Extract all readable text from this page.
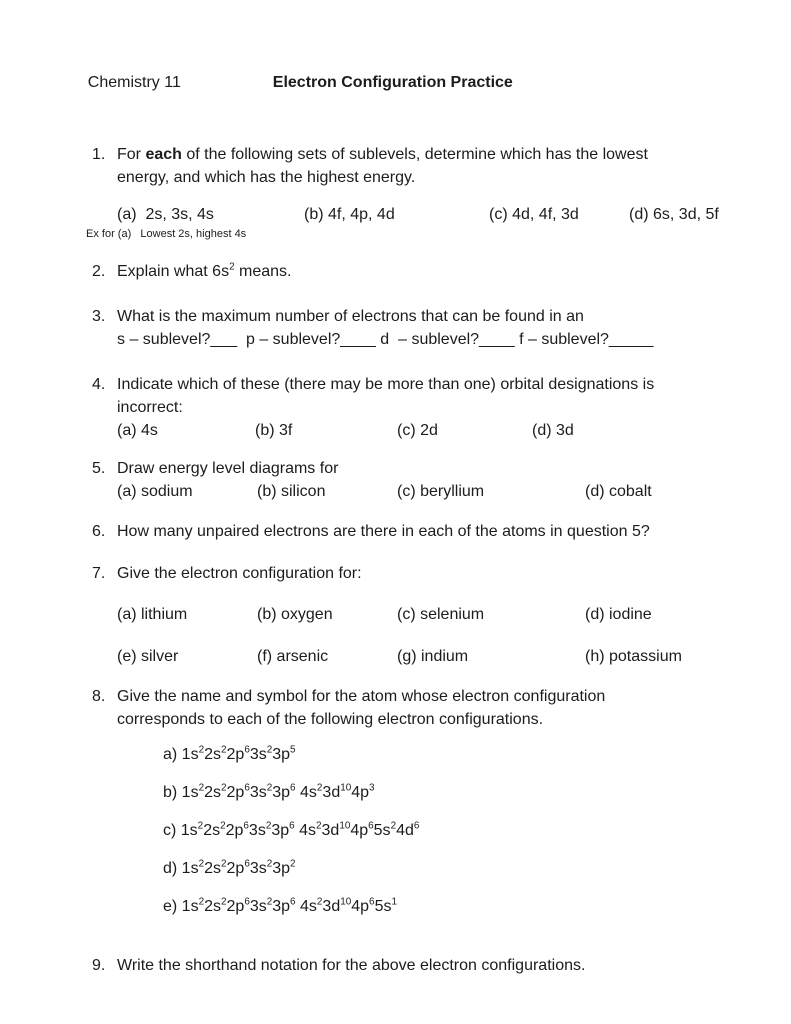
Chemistry 11	Electron Configuration Practice

1. For each of the following sets of sublevels, determine which has the lowest
energy, and which has the highest energy.
(a)  2s, 3s, 4s	(b) 4f, 4p, 4d	(c) 4d, 4f, 3d	(d) 6s, 3d, 5f
Ex for (a)   Lowest 2s, highest 4s
2. Explain what $6s^2$ means.
3. What is the maximum number of electrons that can be found in an
s – sublevel?___  p – sublevel?____ d  – sublevel?____ f – sublevel?_____
4. Indicate which of these (there may be more than one) orbital designations is
incorrect:
(a) 4s	(b) 3f	(c) 2d	(d) 3d
5. Draw energy level diagrams for
(a) sodium	(b) silicon	(c) beryllium	(d) cobalt
6. How many unpaired electrons are there in each of the atoms in question 5?
7. Give the electron configuration for:
(a) lithium	(b) oxygen	(c) selenium	(d) iodine
(e) silver	(f) arsenic	(g) indium	(h) potassium
8. Give the name and symbol for the atom whose electron configuration
corresponds to each of the following electron configurations.
a) $1s^22s^22p^63s^23p^5$
b) $1s^22s^22p^63s^23p^6$ $4s^23d^{10}4p^3$
c) $1s^22s^22p^63s^23p^6$ $4s^23d^{10}4p^65s^24d^6$
d) $1s^22s^22p^63s^23p^2$
e) $1s^22s^22p^63s^23p^6$ $4s^23d^{10}4p^65s^1$
9. Write the shorthand notation for the above electron configurations.
